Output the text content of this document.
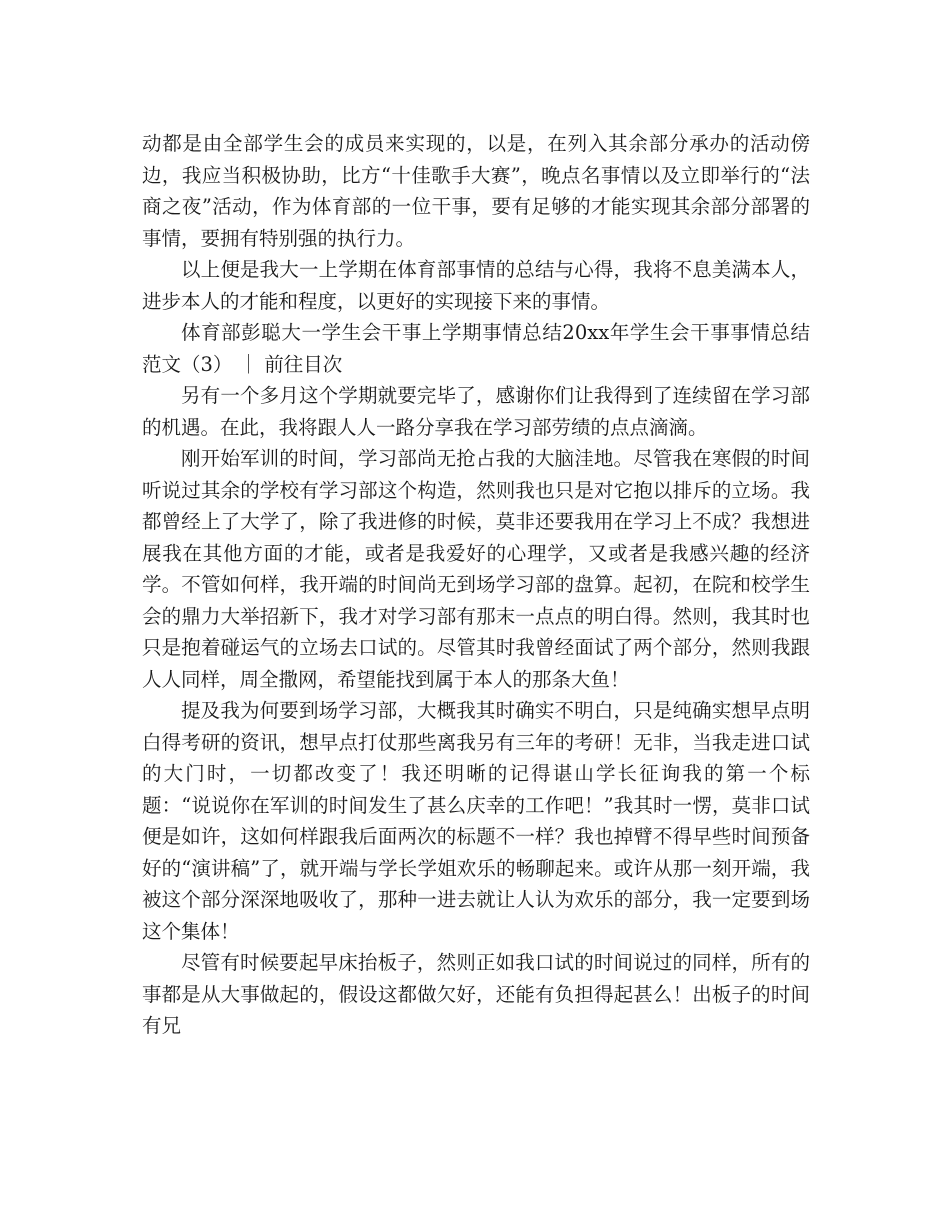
动都是由全部学生会的成员来实现的，以是，在列入其余部分承办的活动傍边，我应当积极协助，比方“十佳歌手大赛”，晚点名事情以及立即举行的“法商之夜”活动，作为体育部的一位干事，要有足够的才能实现其余部分部署的事情，要拥有特别强的执行力。

以上便是我大一上学期在体育部事情的总结与心得，我将不息美满本人，进步本人的才能和程度，以更好的实现接下来的事情。

体育部彭聪大一学生会干事上学期事情总结20xx年学生会干事事情总结范文（3） ｜ 前往目次

另有一个多月这个学期就要完毕了，感谢你们让我得到了连续留在学习部的机遇。在此，我将跟人人一路分享我在学习部劳绩的点点滴滴。

刚开始军训的时间，学习部尚无抢占我的大脑洼地。尽管我在寒假的时间听说过其余的学校有学习部这个构造，然则我也只是对它抱以排斥的立场。我都曾经上了大学了，除了我进修的时候，莫非还要我用在学习上不成？我想进展我在其他方面的才能，或者是我爱好的心理学，又或者是我感兴趣的经济学。不管如何样，我开端的时间尚无到场学习部的盘算。起初，在院和校学生会的鼎力大举招新下，我才对学习部有那末一点点的明白得。然则，我其时也只是抱着碰运气的立场去口试的。尽管其时我曾经面试了两个部分，然则我跟人人同样，周全撒网，希望能找到属于本人的那条大鱼！

提及我为何要到场学习部，大概我其时确实不明白，只是纯确实想早点明白得考研的资讯，想早点打仗那些离我另有三年的考研！无非，当我走进口试的大门时，一切都改变了！我还明晰的记得谌山学长征询我的第一个标题：“说说你在军训的时间发生了甚么庆幸的工作吧！”我其时一愣，莫非口试便是如许，这如何样跟我后面两次的标题不一样？我也掉臂不得早些时间预备好的“演讲稿”了，就开端与学长学姐欢乐的畅聊起来。或许从那一刻开端，我被这个部分深深地吸收了，那种一进去就让人认为欢乐的部分，我一定要到场这个集体！

尽管有时候要起早床抬板子，然则正如我口试的时间说过的同样，所有的事都是从大事做起的，假设这都做欠好，还能有负担得起甚么！出板子的时间有兄
